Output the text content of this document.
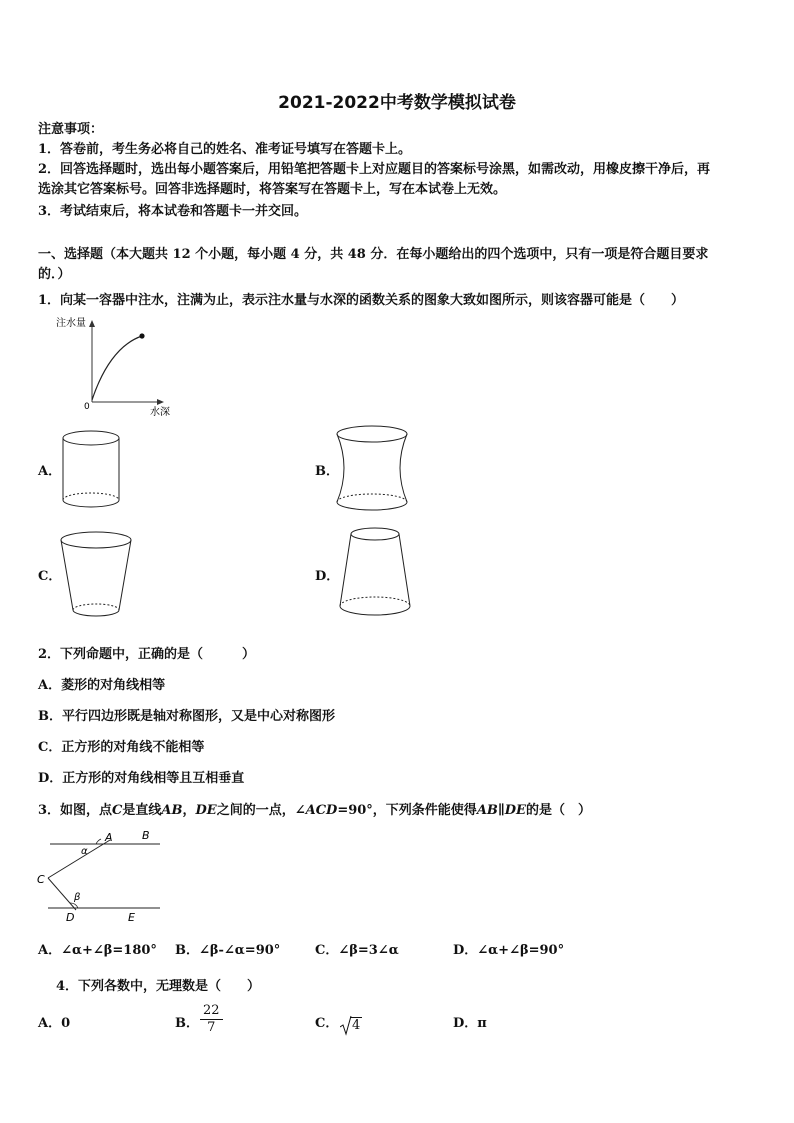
2021-2022中考数学模拟试卷
注意事项：
1．答卷前，考生务必将自己的姓名、准考证号填写在答题卡上。
2．回答选择题时，选出每小题答案后，用铅笔把答题卡上对应题目的答案标号涂黑，如需改动，用橡皮擦干净后，再
选涂其它答案标号。回答非选择题时，将答案写在答题卡上，写在本试卷上无效。
3．考试结束后，将本试卷和答题卡一并交回。
一、选择题（本大题共 12 个小题，每小题 4 分，共 48 分．在每小题给出的四个选项中，只有一项是符合题目要求
的．）
1．向某一容器中注水，注满为止，表示注水量与水深的函数关系的图象大致如图所示，则该容器可能是（　　）
注水量
0	水深
A．	B．
C．	D．
2．下列命题中，正确的是（　　　）
A．菱形的对角线相等
B．平行四边形既是轴对称图形，又是中心对称图形
C．正方形的对角线不能相等
D．正方形的对角线相等且互相垂直
3．如图，点C是直线AB，DE之间的一点，∠ACD=90°，下列条件能使得AB∥DE的是（　）
A	B
C
D	E
α
β
A．∠α+∠β=180° B．∠β-∠α=90°	C．∠β=3∠α	D．∠α+∠β=90°
4．下列各数中，无理数是（　　）
A．0	B． $\frac{22}{7}$	C． 4	D．π
